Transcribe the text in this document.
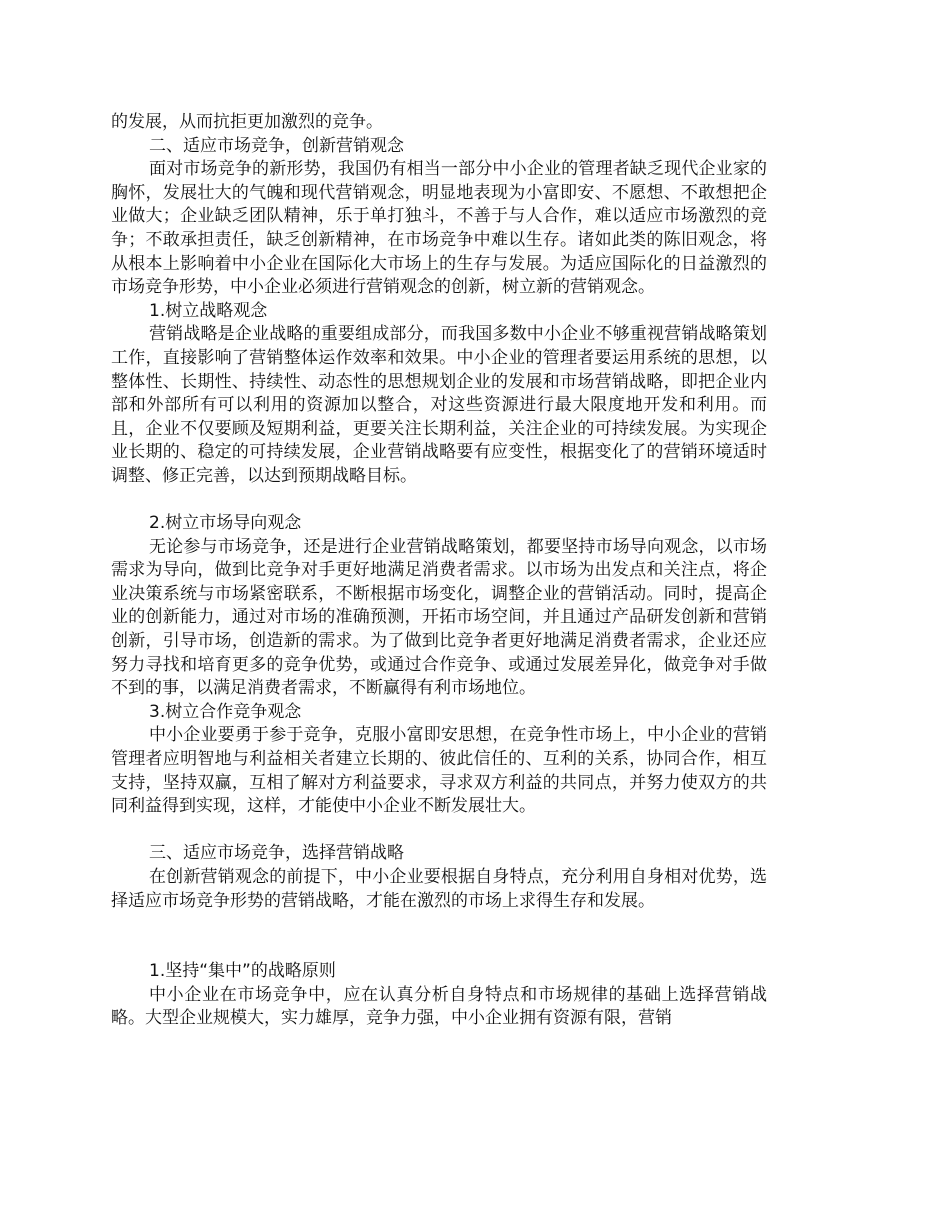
的发展，从而抗拒更加激烈的竞争。

二、适应市场竞争，创新营销观念

面对市场竞争的新形势，我国仍有相当一部分中小企业的管理者缺乏现代企业家的胸怀，发展壮大的气魄和现代营销观念，明显地表现为小富即安、不愿想、不敢想把企业做大；企业缺乏团队精神，乐于单打独斗，不善于与人合作，难以适应市场激烈的竞争；不敢承担责任，缺乏创新精神，在市场竞争中难以生存。诸如此类的陈旧观念，将从根本上影响着中小企业在国际化大市场上的生存与发展。为适应国际化的日益激烈的市场竞争形势，中小企业必须进行营销观念的创新，树立新的营销观念。

1.树立战略观念

营销战略是企业战略的重要组成部分，而我国多数中小企业不够重视营销战略策划工作，直接影响了营销整体运作效率和效果。中小企业的管理者要运用系统的思想，以整体性、长期性、持续性、动态性的思想规划企业的发展和市场营销战略，即把企业内部和外部所有可以利用的资源加以整合，对这些资源进行最大限度地开发和利用。而且，企业不仅要顾及短期利益，更要关注长期利益，关注企业的可持续发展。为实现企业长期的、稳定的可持续发展，企业营销战略要有应变性，根据变化了的营销环境适时调整、修正完善，以达到预期战略目标。

2.树立市场导向观念

无论参与市场竞争，还是进行企业营销战略策划，都要坚持市场导向观念，以市场需求为导向，做到比竞争对手更好地满足消费者需求。以市场为出发点和关注点，将企业决策系统与市场紧密联系，不断根据市场变化，调整企业的营销活动。同时，提高企业的创新能力，通过对市场的准确预测，开拓市场空间，并且通过产品研发创新和营销创新，引导市场，创造新的需求。为了做到比竞争者更好地满足消费者需求，企业还应努力寻找和培育更多的竞争优势，或通过合作竞争、或通过发展差异化，做竞争对手做不到的事，以满足消费者需求，不断赢得有利市场地位。

3.树立合作竞争观念

中小企业要勇于参于竞争，克服小富即安思想，在竞争性市场上，中小企业的营销管理者应明智地与利益相关者建立长期的、彼此信任的、互利的关系，协同合作，相互支持，坚持双赢，互相了解对方利益要求，寻求双方利益的共同点，并努力使双方的共同利益得到实现，这样，才能使中小企业不断发展壮大。

三、适应市场竞争，选择营销战略

在创新营销观念的前提下，中小企业要根据自身特点，充分利用自身相对优势，选择适应市场竞争形势的营销战略，才能在激烈的市场上求得生存和发展。

1.坚持“集中”的战略原则

中小企业在市场竞争中，应在认真分析自身特点和市场规律的基础上选择营销战略。大型企业规模大，实力雄厚，竞争力强，中小企业拥有资源有限，营销
